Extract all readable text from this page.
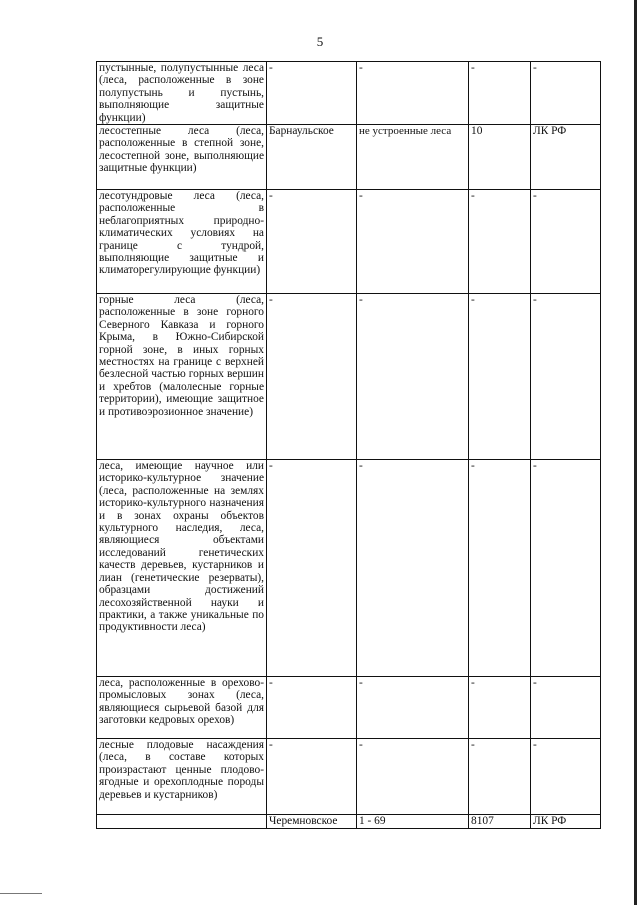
5
пустынные, полупустынные леса (леса, расположенные в зоне полупустынь и пустынь, выполняющие защитные функции)	-	-	-	-
лесостепные леса (леса, расположенные в степной зоне, лесостепной зоне, выполняющие защитные функции)	Барнаульское	не устроенные леса	10	ЛК РФ
лесотундровые леса (леса, расположенные в неблагоприятных природно-климатических условиях на границе с тундрой, выполняющие защитные и климаторегулирующие функции)	-	-	-	-
горные леса (леса, расположенные в зоне горного Северного Кавказа и горного Крыма, в Южно-Сибирской горной зоне, в иных горных местностях на границе с верхней безлесной частью горных вершин и хребтов (малолесные горные территории), имеющие защитное и противоэрозионное значение)	-	-	-	-
леса, имеющие научное или историко-культурное значение (леса, расположенные на землях историко-культурного назначения и в зонах охраны объектов культурного наследия, леса, являющиеся объектами исследований генетических качеств деревьев, кустарников и лиан (генетические резерваты), образцами достижений лесохозяйственной науки и практики, а также уникальные по продуктивности леса)	-	-	-	-
леса, расположенные в орехово-промысловых зонах (леса, являющиеся сырьевой базой для заготовки кедровых орехов)	-	-	-	-
лесные плодовые насаждения (леса, в составе которых произрастают ценные плодово-ягодные и орехоплодные породы деревьев и кустарников)	-	-	-	-
	Черемновское	1 - 69	8107	ЛК РФ
